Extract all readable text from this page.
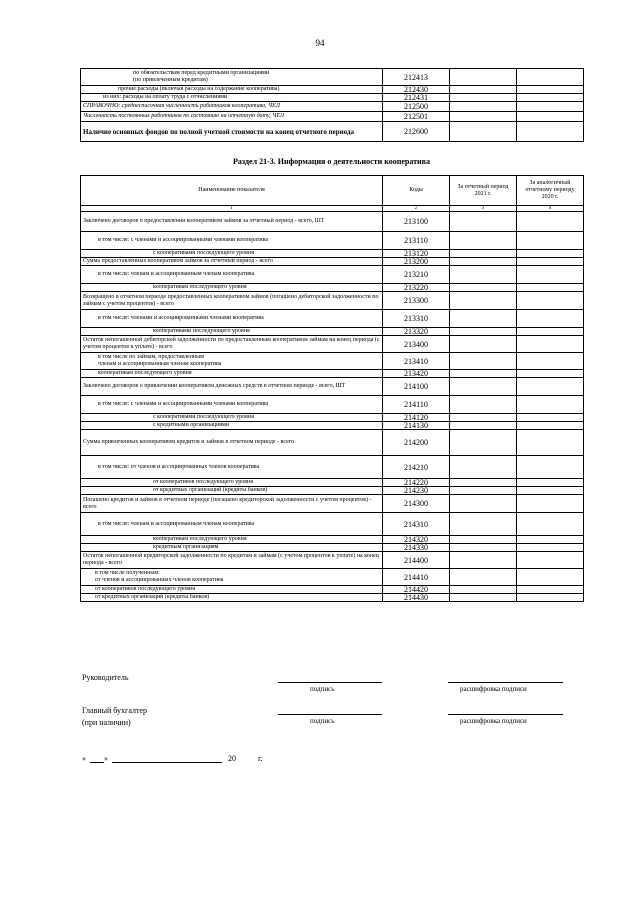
94
по обязательствам перед кредитными организациями
(по привлеченным кредитам)	212413		
прочие расходы (включая расходы на содержание кооператива)	212430		
из них: расходы на оплату труда с отчислениями	212431		
СПРАВОЧНО: среднесписочная численность работников кооператива, ЧЕЛ	212500		
Численность постоянных работников по состоянию на отчетную дату, ЧЕЛ	212501		
Наличие основных фондов по полной учетной стоимости на конец отчетного периода	212600		
Раздел 21-3. Информация о деятельности кооператива
Наименование показателя	Коды	За отчетный период 2021 г.	За аналогичный отчетному периоду 2020 г.
1	2	3	4
Заключено договоров о предоставлении кооперативом займов за отчетный период - всего, ШТ	213100		
в том числе: с членами и ассоциированными членами кооператива	213110		
с кооперативами последующего уровня	213120		
Сумма предоставленных кооперативом займов за отчетный период - всего	213200		
в том числе: членам и ассоциированным членам кооператива	213210		
кооперативам последующего уровня	213220		
Возвращено в отчетном периоде предоставленных кооперативом займов (погашено дебиторской задолженности по займам с учетом процентов) - всего	213300		
в том числе: членами и ассоциированными членами кооператива	213310		
кооперативами последующего уровня	213320		
Остаток непогашенной дебиторской задолженности по предоставленным кооперативом займам на конец периода (с учетом процентов к уплате) - всего	213400		
в том числе по займам, предоставленным
членам и ассоциированным членам кооператива	213410		
кооперативам последующего уровня	213420		
Заключено договоров о привлечении кооперативом денежных средств в отчетном периоде - всего, ШТ	214100		
в том числе: с членами и ассоциированными членами кооператива	214110		
с кооперативами последующего уровня	214120		
с кредитными организациями	214130		
Сумма привлеченных кооперативом кредитов и займов в отчетном периоде - всего	214200		
в том числе: от членов и ассоциированных членов кооператива	214210		
от кооперативов последующего уровня	214220		
от кредитных организаций (кредиты банков)	214230		
Погашено кредитов и займов в отчетном периоде (погашено кредиторской задолженности с учетом процентов) - всего	214300		
в том числе: членам и ассоциированным членам кооператива	214310		
кооперативам последующего уровня	214320		
кредитным организациям	214330		
Остаток непогашенной кредиторской задолженности по кредитам и займам (с учетом процентов к уплате) на конец периода - всего	214400		
в том числе полученным:
от членов и ассоциированных членов кооператива	214410		
от кооперативов последующего уровня	214420		
от кредитных организаций (кредиты банков)	214430		
Руководитель
подпись	расшифровка подписи
Главный бухгалтер
(при наличии)	подпись	расшифровка подписи
« »	20	г.
